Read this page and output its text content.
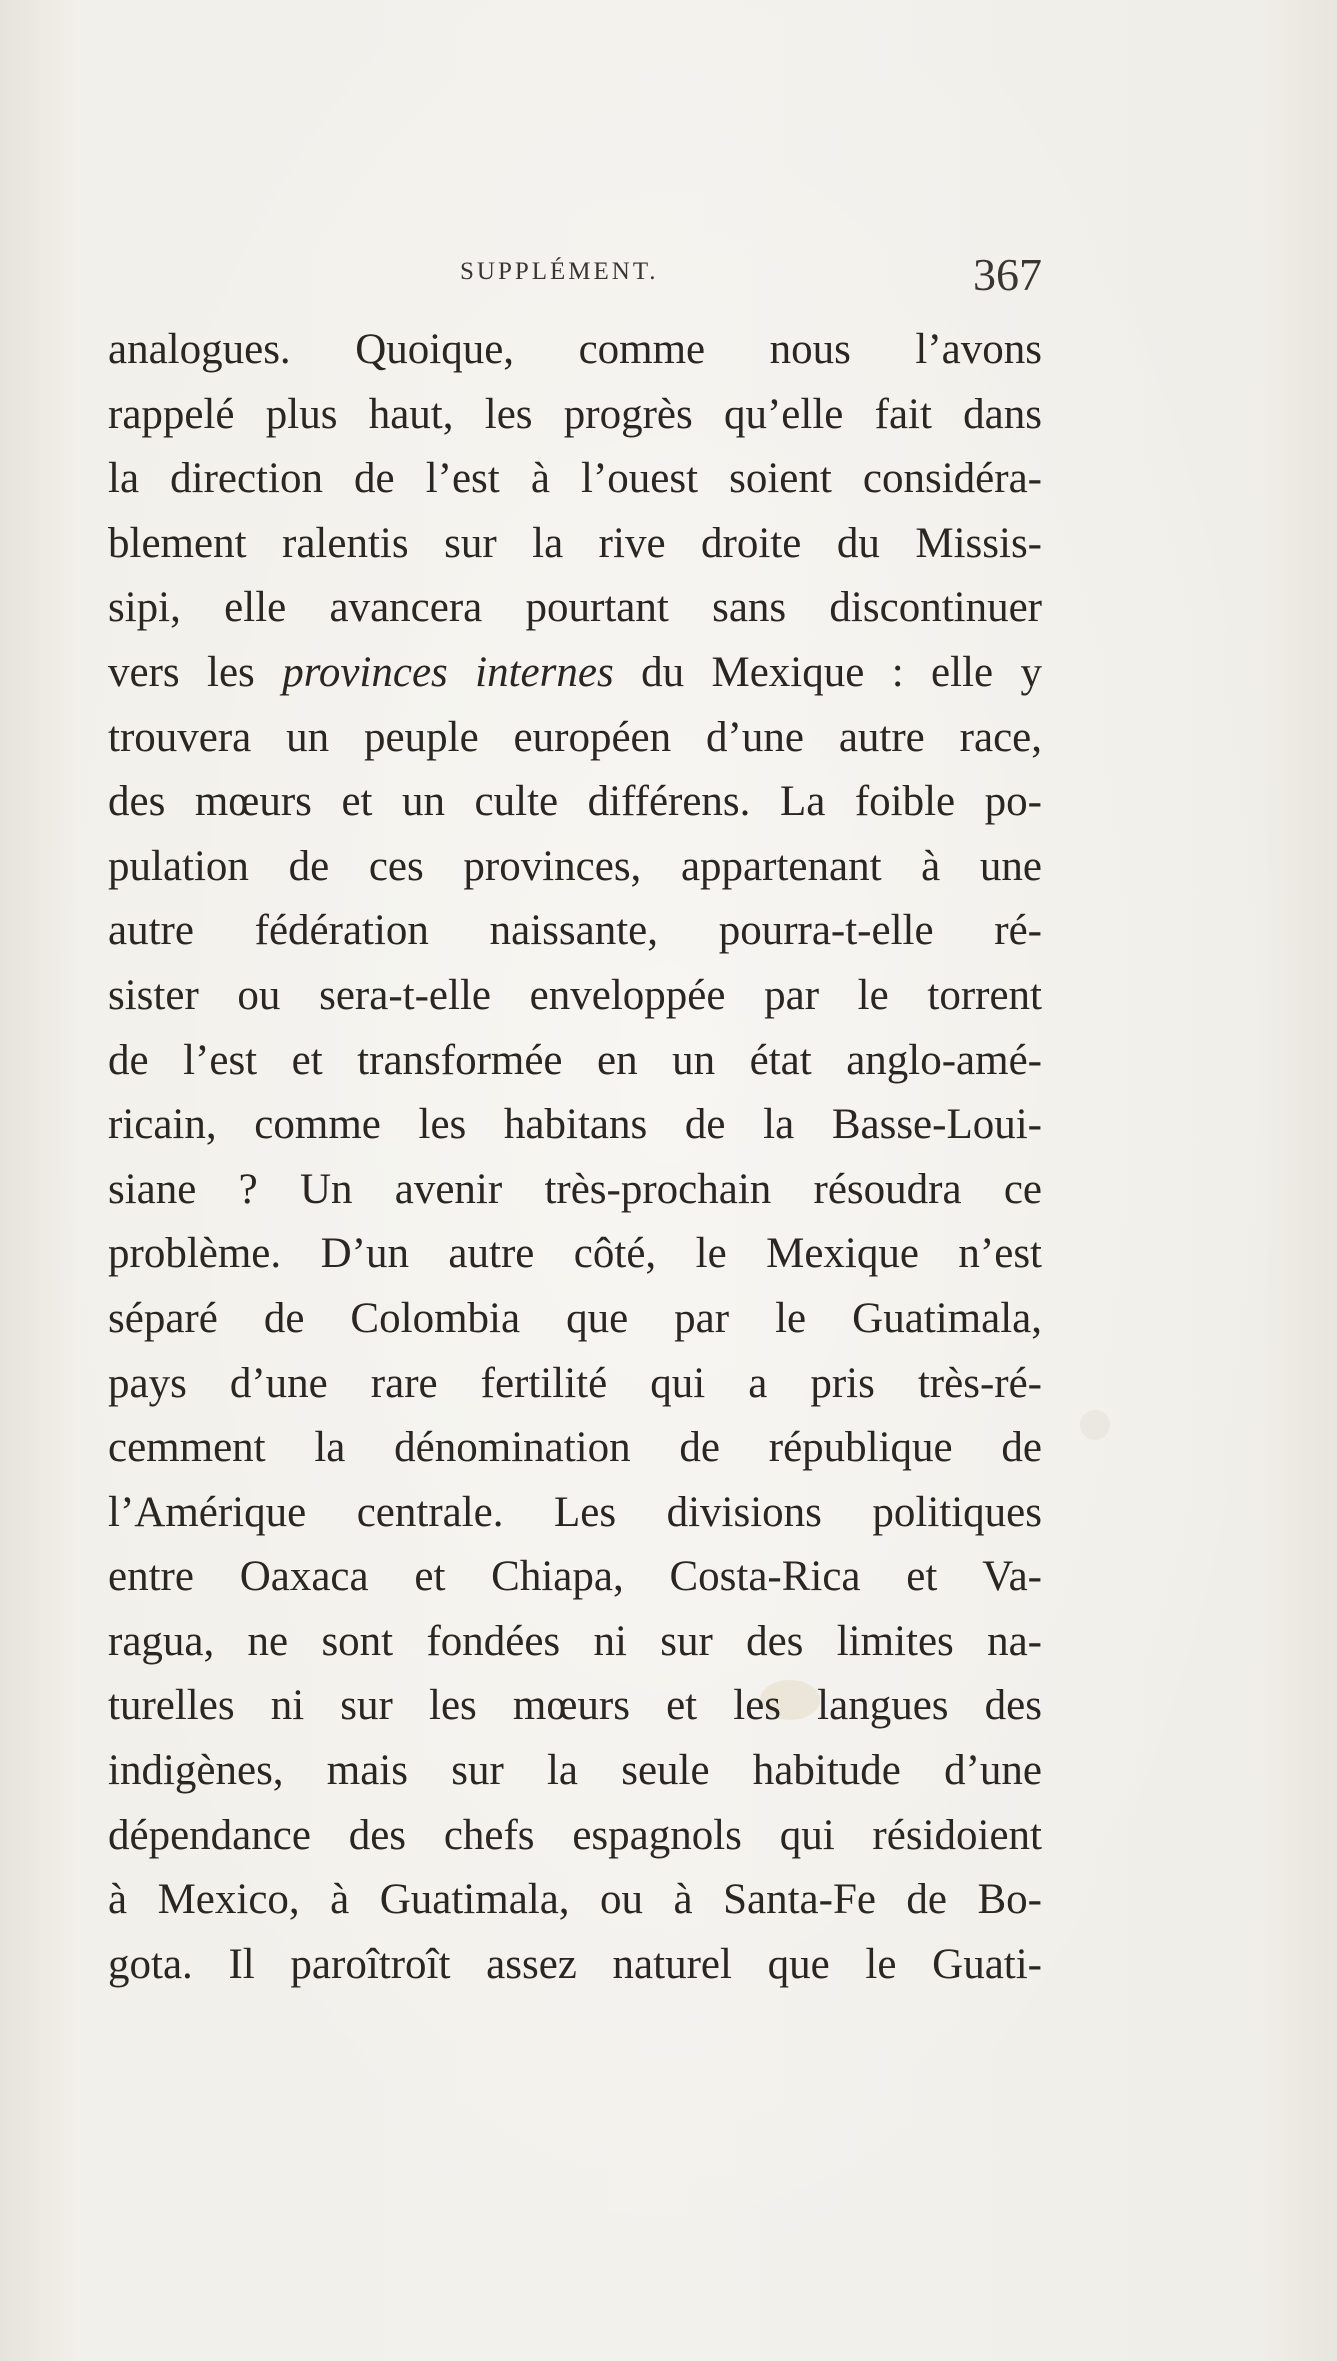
SUPPLÉMENT.	367
analogues. Quoique, comme nous l’avons
rappelé plus haut, les progrès qu’elle fait dans
la direction de l’est à l’ouest soient considéra-
blement ralentis sur la rive droite du Missis-
sipi, elle avancera pourtant sans discontinuer
vers les provinces internes du Mexique : elle y
trouvera un peuple européen d’une autre race,
des mœurs et un culte différens. La foible po-
pulation de ces provinces, appartenant à une
autre fédération naissante, pourra-t-elle ré-
sister ou sera-t-elle enveloppée par le torrent
de l’est et transformée en un état anglo-amé-
ricain, comme les habitans de la Basse-Loui-
siane ? Un avenir très-prochain résoudra ce
problème. D’un autre côté, le Mexique n’est
séparé de Colombia que par le Guatimala,
pays d’une rare fertilité qui a pris très-ré-
cemment la dénomination de république de
l’Amérique centrale. Les divisions politiques
entre Oaxaca et Chiapa, Costa-Rica et Va-
ragua, ne sont fondées ni sur des limites na-
turelles ni sur les mœurs et les langues des
indigènes, mais sur la seule habitude d’une
dépendance des chefs espagnols qui résidoient
à Mexico, à Guatimala, ou à Santa-Fe de Bo-
gota. Il paroîtroît assez naturel que le Guati-
